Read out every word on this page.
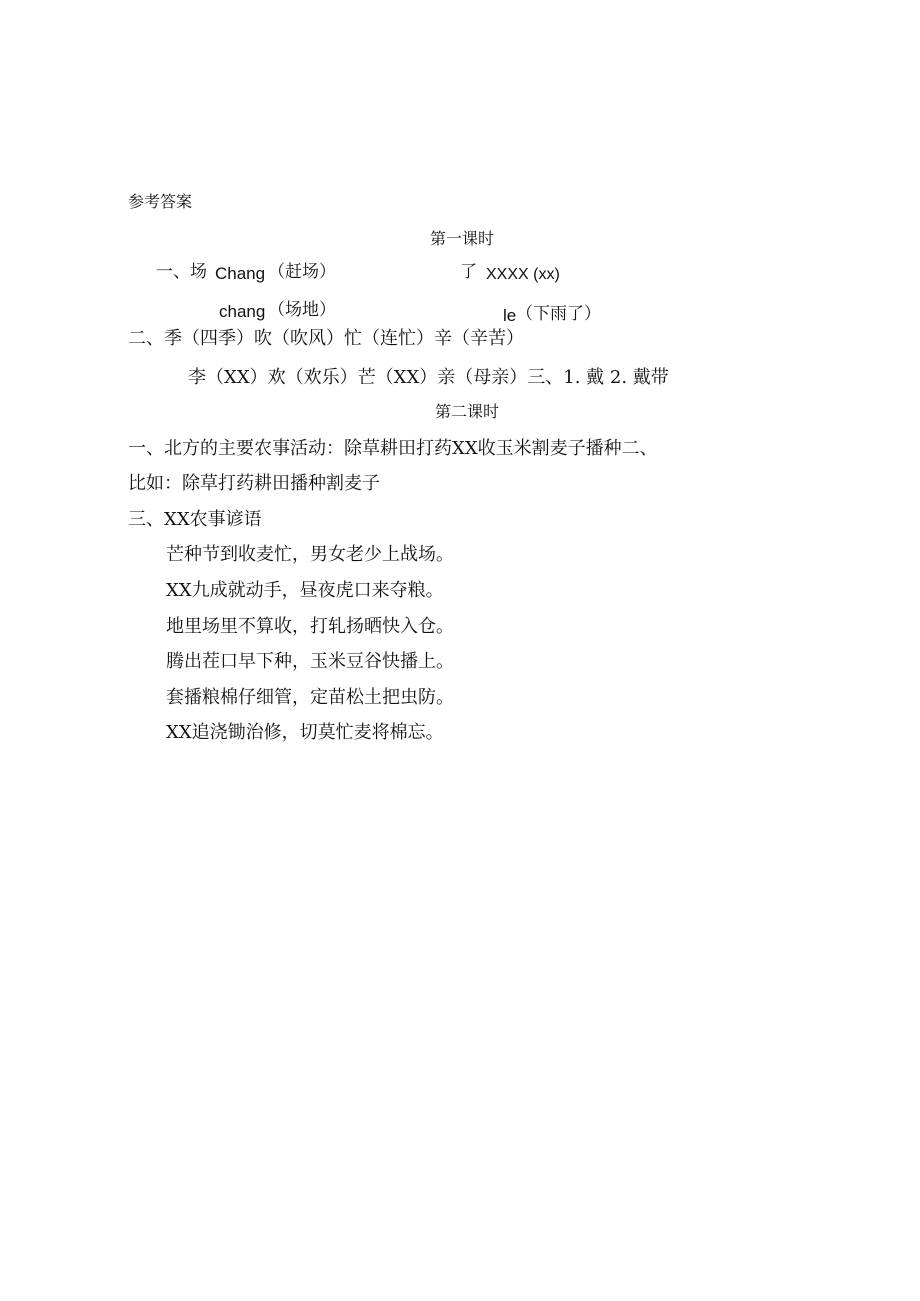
参考答案
第一课时
一、场 Chang （赶场）	了 XXXX (xx)
chang （场地）	le （下雨了）
二、季（四季）吹（吹风）忙（连忙）辛（辛苦）
李（XX）欢（欢乐）芒（XX）亲（母亲）三、1. 戴 2. 戴带
第二课时
一、北方的主要农事活动：除草耕田打药XX收玉米割麦子播种二、
比如：除草打药耕田播种割麦子
三、XX农事谚语
芒种节到收麦忙，男女老少上战场。
XX九成就动手，昼夜虎口来夺粮。
地里场里不算收，打轧扬晒快入仓。
腾出茬口早下种，玉米豆谷快播上。
套播粮棉仔细管，定苗松土把虫防。
XX追浇锄治修，切莫忙麦将棉忘。
